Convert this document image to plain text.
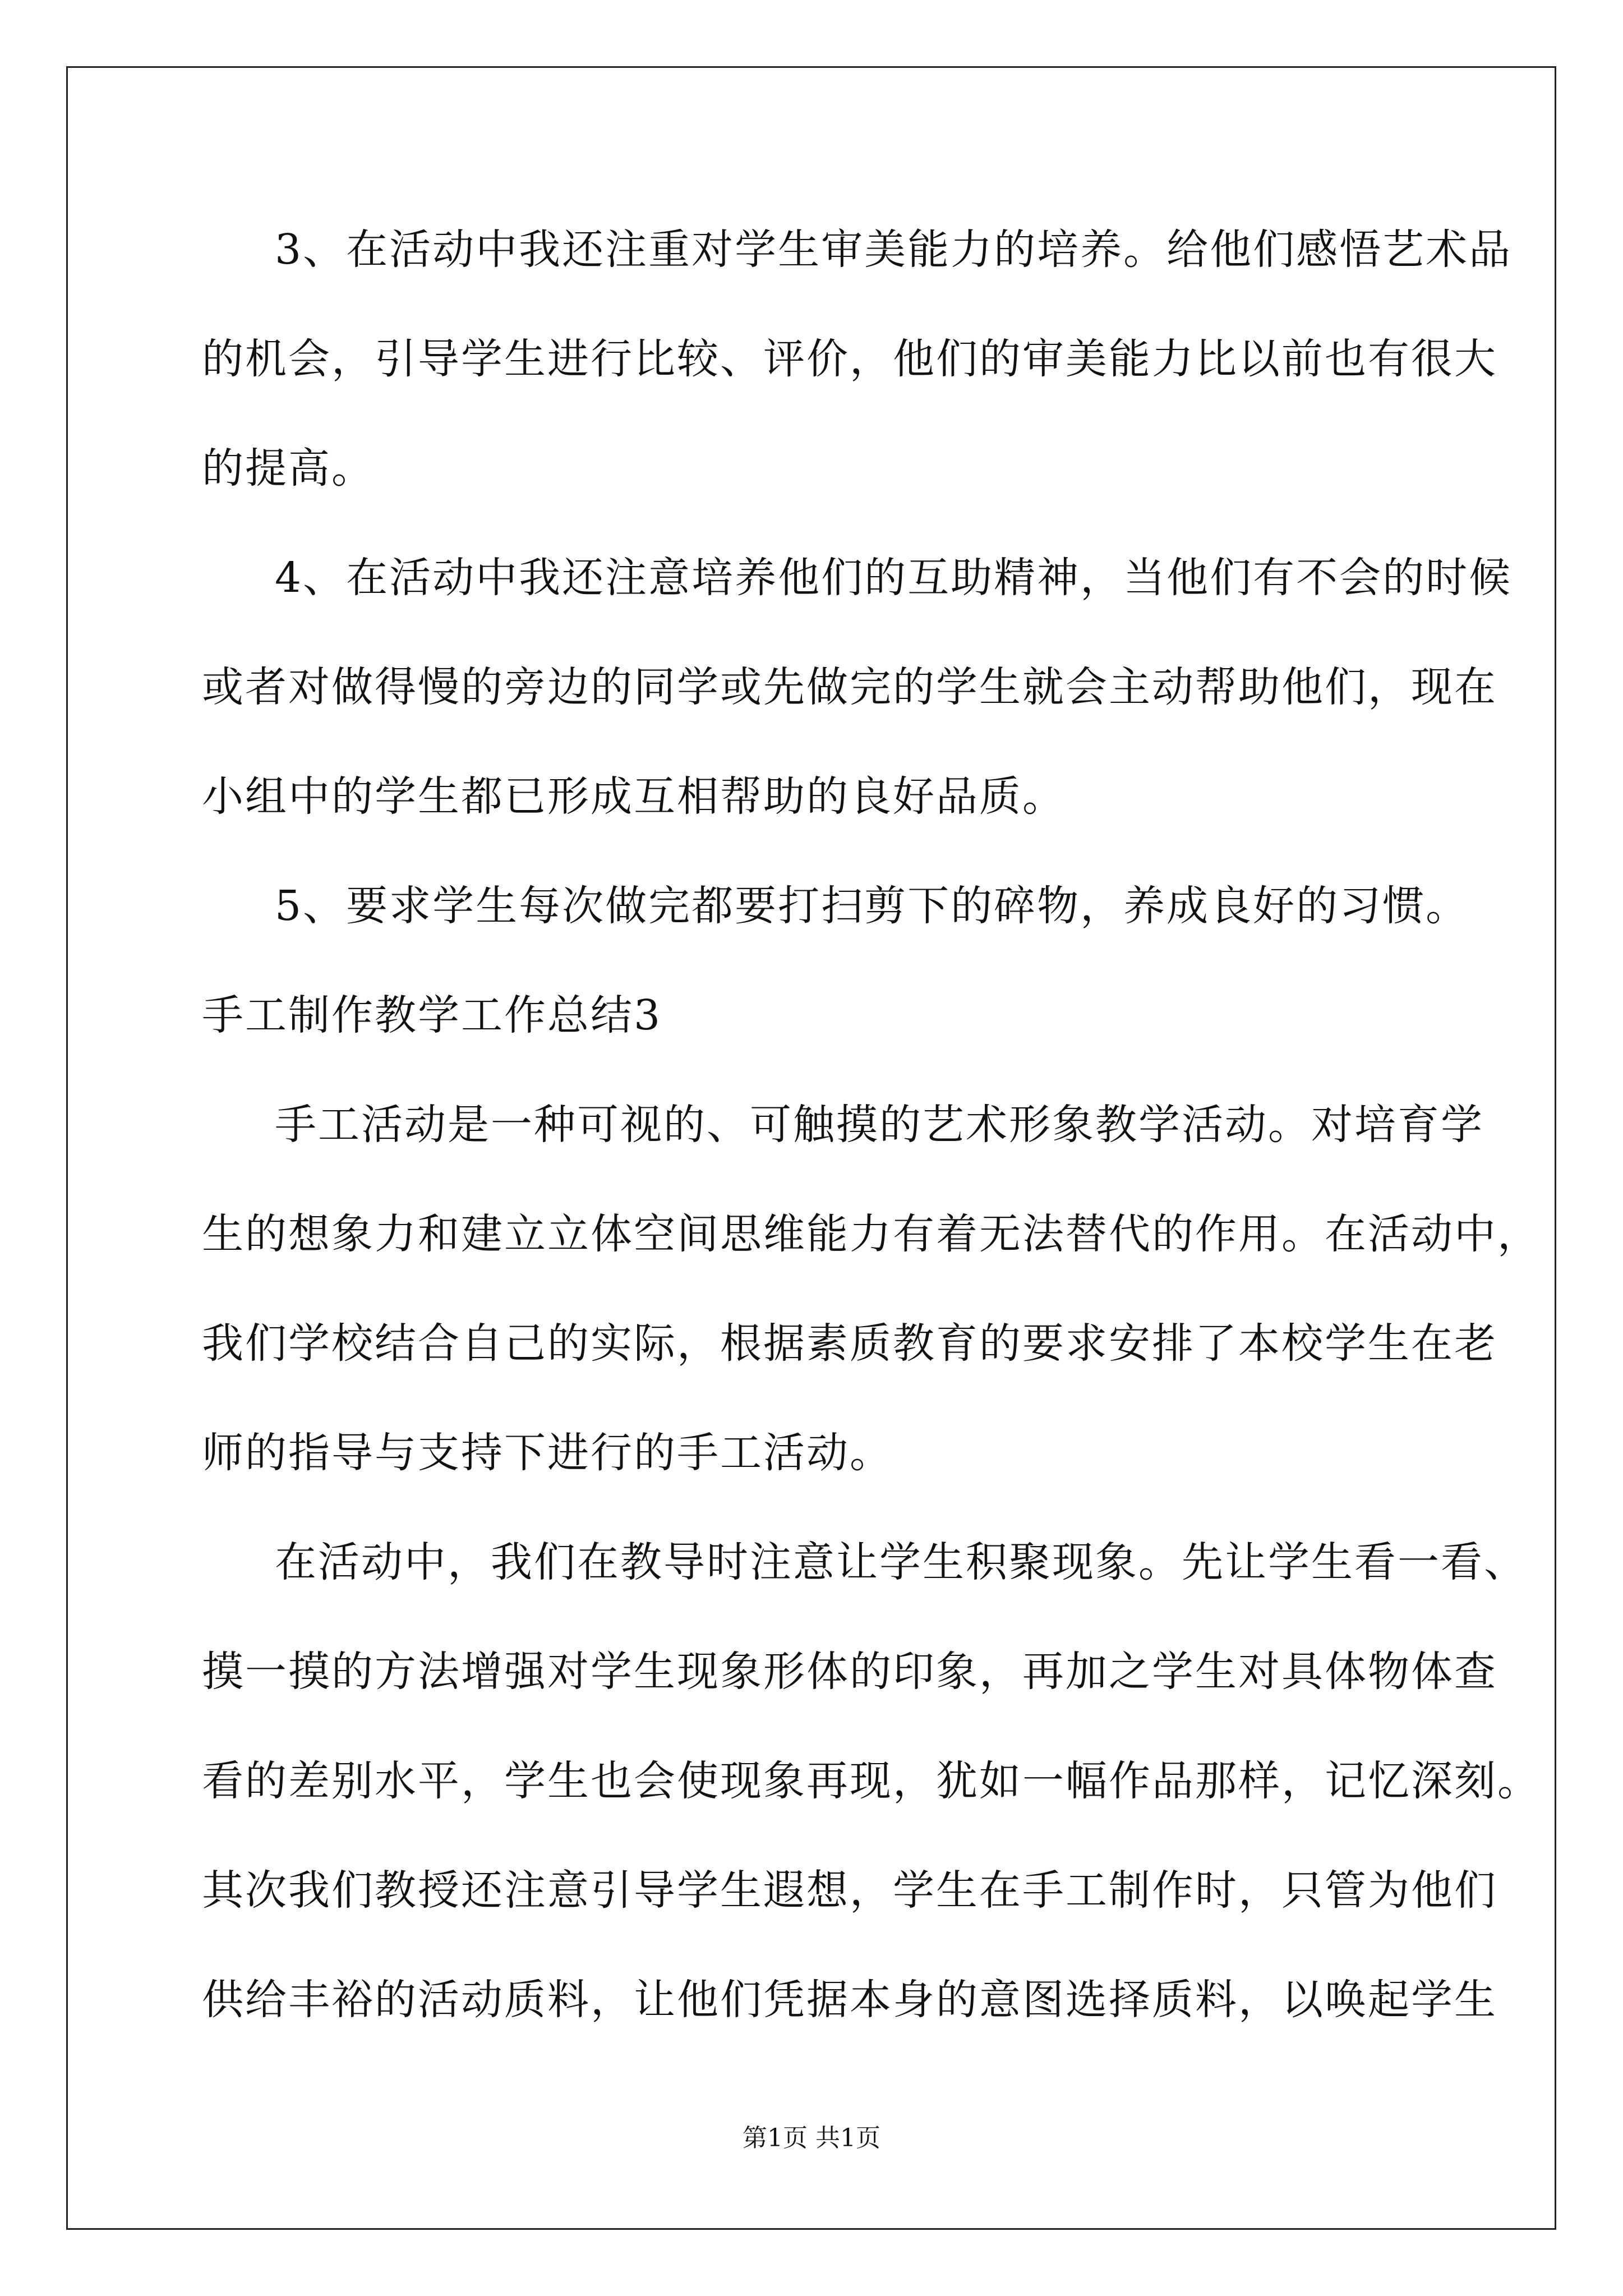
3、在活动中我还注重对学生审美能力的培养。给他们感悟艺术品
的机会，引导学生进行比较、评价，他们的审美能力比以前也有很大
的提高。
4、在活动中我还注意培养他们的互助精神，当他们有不会的时候
或者对做得慢的旁边的同学或先做完的学生就会主动帮助他们，现在
小组中的学生都已形成互相帮助的良好品质。
5、要求学生每次做完都要打扫剪下的碎物，养成良好的习惯。
手工制作教学工作总结3
手工活动是一种可视的、可触摸的艺术形象教学活动。对培育学
生的想象力和建立立体空间思维能力有着无法替代的作用。在活动中，
我们学校结合自己的实际，根据素质教育的要求安排了本校学生在老
师的指导与支持下进行的手工活动。
在活动中，我们在教导时注意让学生积聚现象。先让学生看一看、
摸一摸的方法增强对学生现象形体的印象，再加之学生对具体物体查
看的差别水平，学生也会使现象再现，犹如一幅作品那样，记忆深刻。
其次我们教授还注意引导学生遐想，学生在手工制作时，只管为他们
供给丰裕的活动质料，让他们凭据本身的意图选择质料，以唤起学生
第1页 共1页
